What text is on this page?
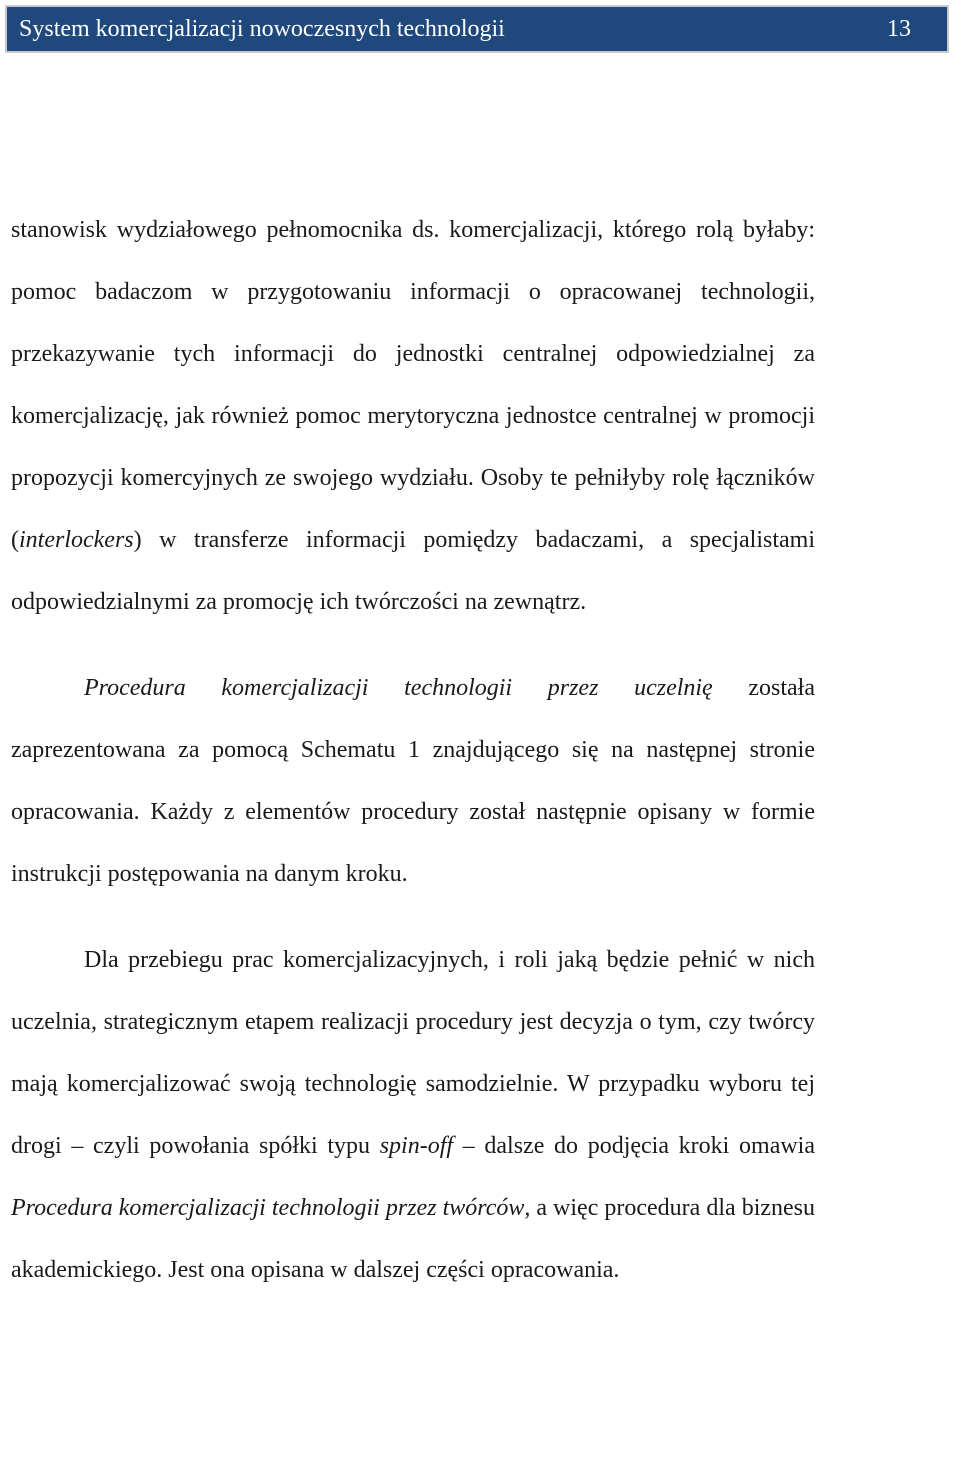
System komercjalizacji nowoczesnych technologii	13

stanowisk wydziałowego pełnomocnika ds. komercjalizacji, którego rolą byłaby: pomoc badaczom w przygotowaniu informacji o opracowanej technologii, przekazywanie tych informacji do jednostki centralnej odpowiedzialnej za komercjalizację, jak również pomoc merytoryczna jednostce centralnej w promocji propozycji komercyjnych ze swojego wydziału. Osoby te pełniłyby rolę łączników (interlockers) w transferze informacji pomiędzy badaczami, a specjalistami odpowiedzialnymi za promocję ich twórczości na zewnątrz.

Procedura komercjalizacji technologii przez uczelnię została zaprezentowana za pomocą Schematu 1 znajdującego się na następnej stronie opracowania. Każdy z elementów procedury został następnie opisany w formie instrukcji postępowania na danym kroku.

Dla przebiegu prac komercjalizacyjnych, i roli jaką będzie pełnić w nich uczelnia, strategicznym etapem realizacji procedury jest decyzja o tym, czy twórcy mają komercjalizować swoją technologię samodzielnie. W przypadku wyboru tej drogi – czyli powołania spółki typu spin-off – dalsze do podjęcia kroki omawia Procedura komercjalizacji technologii przez twórców, a więc procedura dla biznesu akademickiego. Jest ona opisana w dalszej części opracowania.
